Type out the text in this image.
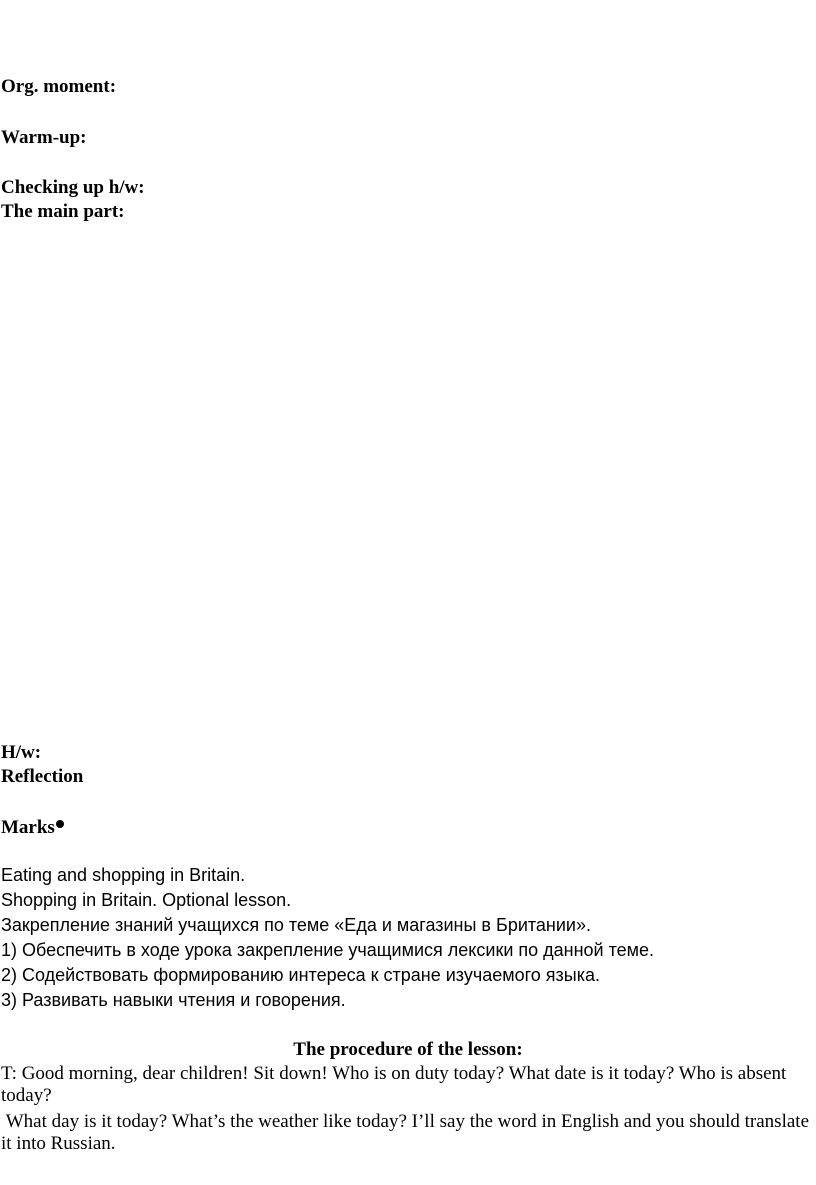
Org. moment:
Warm-up:
Checking up h/w:
The main part:
H/w:
Reflection
Marks
Eating and shopping in Britain.
Shopping in Britain. Optional lesson.
Закрепление знаний учащихся по теме «Еда и магазины в Британии».
1) Обеспечить в ходе урока закрепление учащимися лексики по данной теме.
2) Содействовать формированию интереса к стране изучаемого языка.
3) Развивать навыки чтения и говорения.
The procedure of the lesson:
T: Good morning, dear children! Sit down! Who is on duty today? What date is it today? Who is absent today?
What day is it today? What’s the weather like today? I’ll say the word in English and you should translate it into Russian.
